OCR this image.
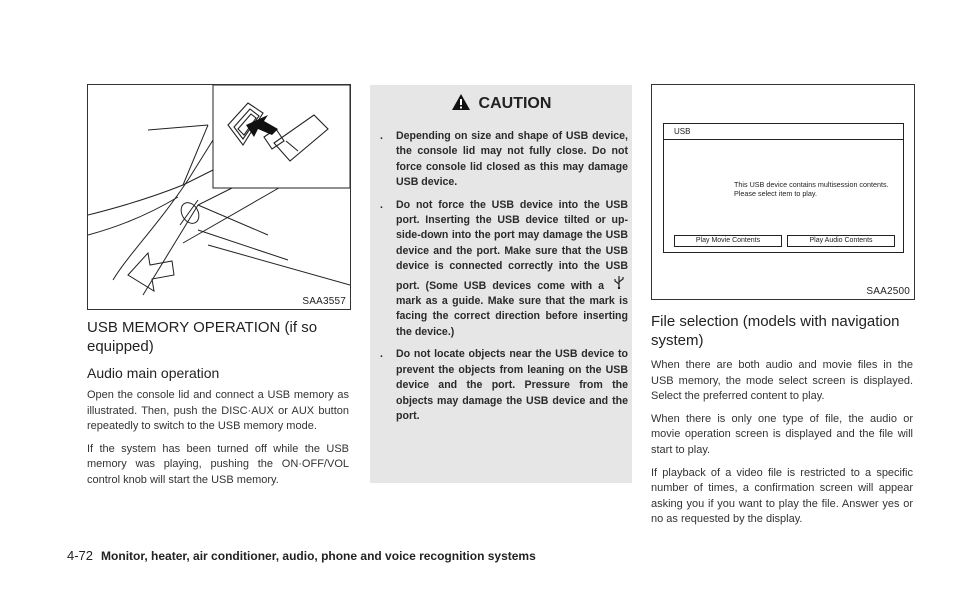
SAA3557
USB MEMORY OPERATION (if so equipped)
Audio main operation

Open the console lid and connect a USB memory as illustrated. Then, push the DISC·AUX or AUX button repeatedly to switch to the USB memory mode.

If the system has been turned off while the USB memory was playing, pushing the ON·OFF/VOL control knob will start the USB memory.

CAUTION
. Depending on size and shape of USB device, the console lid may not fully close. Do not force console lid closed as this may damage USB device.
. Do not force the USB device into the USB port. Inserting the USB device tilted or up-side-down into the port may damage the USB device and the port. Make sure that the USB device is connected correctly into the USB port. (Some USB devices come with a  mark as a guide. Make sure that the mark is facing the correct direction before inserting the device.)
. Do not locate objects near the USB device to prevent the objects from leaning on the USB device and the port. Pressure from the objects may damage the USB device and the port.
USB
This USB device contains multisession contents.
Please select item to play.
Play Movie Contents	Play Audio Contents
SAA2500
File selection (models with navigation system)

When there are both audio and movie files in the USB memory, the mode select screen is displayed. Select the preferred content to play.

When there is only one type of file, the audio or movie operation screen is displayed and the file will start to play.

If playback of a video file is restricted to a specific number of times, a confirmation screen will appear asking you if you want to play the file. Answer yes or no as requested by the display.

4-72 Monitor, heater, air conditioner, audio, phone and voice recognition systems
